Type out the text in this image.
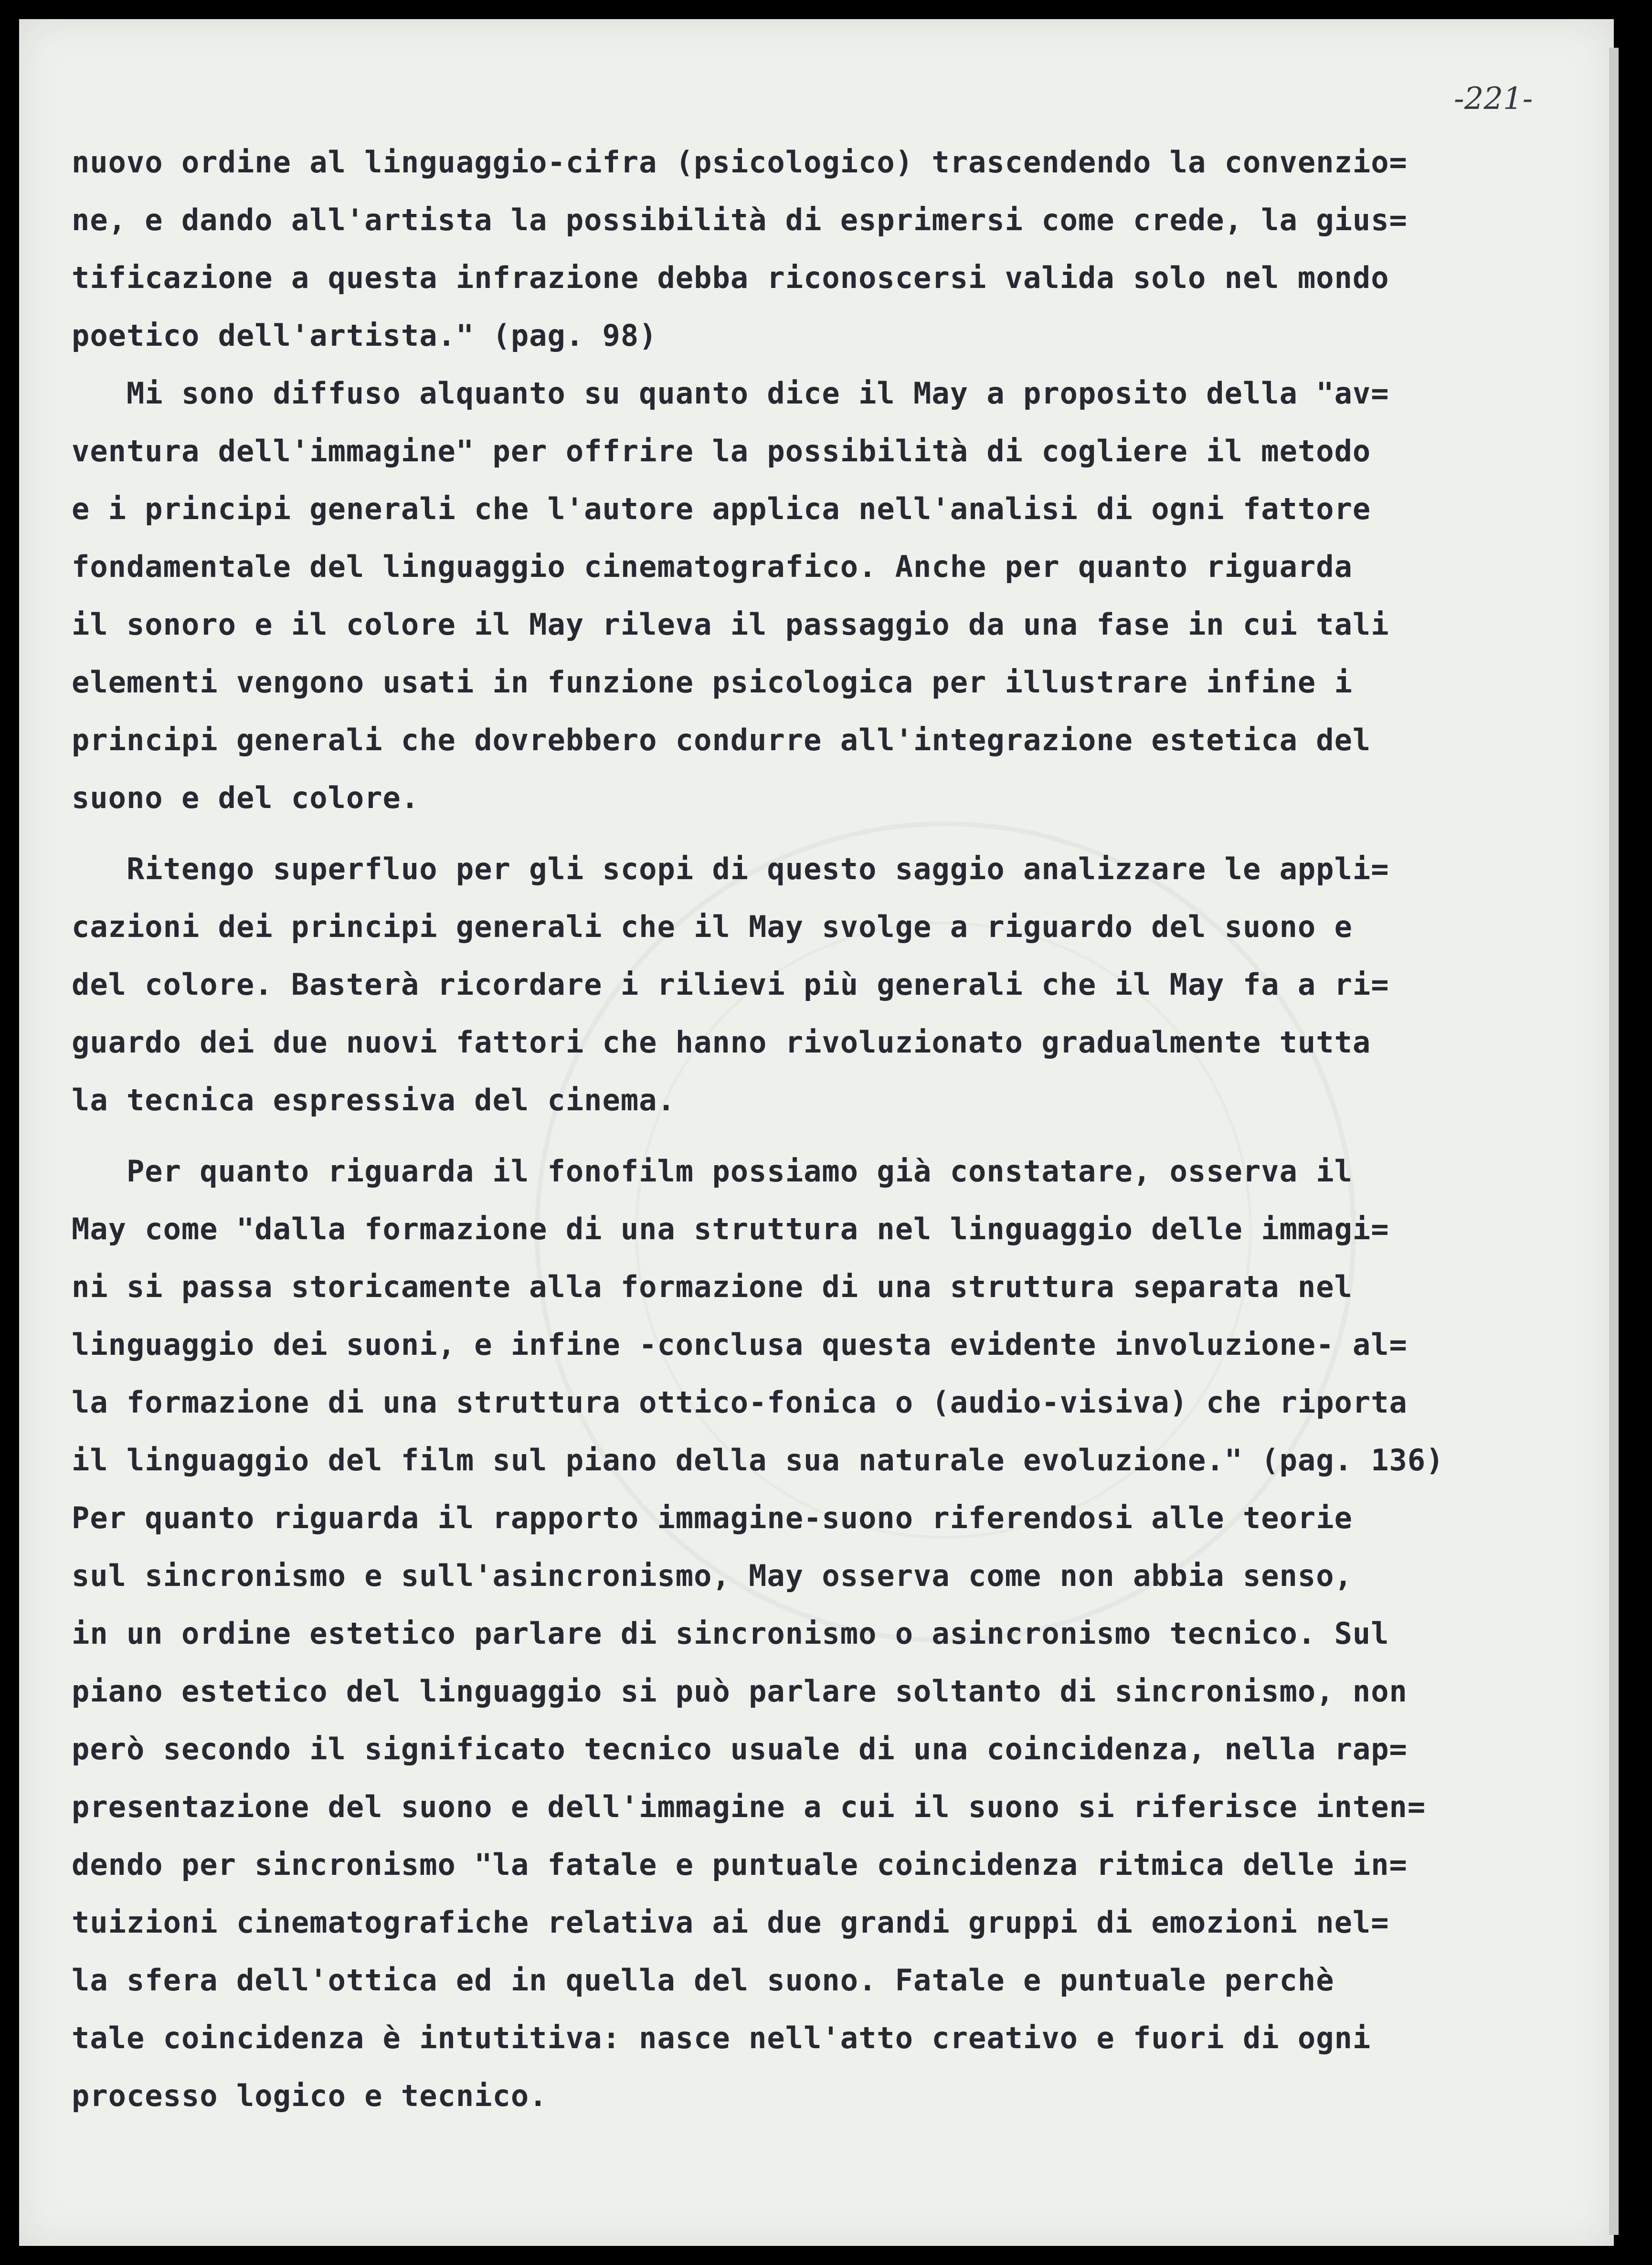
-221-
nuovo ordine al linguaggio-cifra (psicologico) trascendendo la convenzio=
ne, e dando all'artista la possibilità di esprimersi come crede, la gius=
tificazione a questa infrazione debba riconoscersi valida solo nel mondo
poetico dell'artista." (pag. 98)
Mi sono diffuso alquanto su quanto dice il May a proposito della "av=
ventura dell'immagine" per offrire la possibilità di cogliere il metodo
e i principi generali che l'autore applica nell'analisi di ogni fattore
fondamentale del linguaggio cinematografico. Anche per quanto riguarda
il sonoro e il colore il May rileva il passaggio da una fase in cui tali
elementi vengono usati in funzione psicologica per illustrare infine i
principi generali che dovrebbero condurre all'integrazione estetica del
suono e del colore.
Ritengo superfluo per gli scopi di questo saggio analizzare le appli=
cazioni dei principi generali che il May svolge a riguardo del suono e
del colore. Basterà ricordare i rilievi più generali che il May fa a ri=
guardo dei due nuovi fattori che hanno rivoluzionato gradualmente tutta
la tecnica espressiva del cinema.
Per quanto riguarda il fonofilm possiamo già constatare, osserva il
May come "dalla formazione di una struttura nel linguaggio delle immagi=
ni si passa storicamente alla formazione di una struttura separata nel
linguaggio dei suoni, e infine -conclusa questa evidente involuzione- al=
la formazione di una struttura ottico-fonica o (audio-visiva) che riporta
il linguaggio del film sul piano della sua naturale evoluzione." (pag. 136)
Per quanto riguarda il rapporto immagine-suono riferendosi alle teorie
sul sincronismo e sull'asincronismo, May osserva come non abbia senso,
in un ordine estetico parlare di sincronismo o asincronismo tecnico. Sul
piano estetico del linguaggio si può parlare soltanto di sincronismo, non
però secondo il significato tecnico usuale di una coincidenza, nella rap=
presentazione del suono e dell'immagine a cui il suono si riferisce inten=
dendo per sincronismo "la fatale e puntuale coincidenza ritmica delle in=
tuizioni cinematografiche relativa ai due grandi gruppi di emozioni nel=
la sfera dell'ottica ed in quella del suono. Fatale e puntuale perchè
tale coincidenza è intutitiva: nasce nell'atto creativo e fuori di ogni
processo logico e tecnico.
